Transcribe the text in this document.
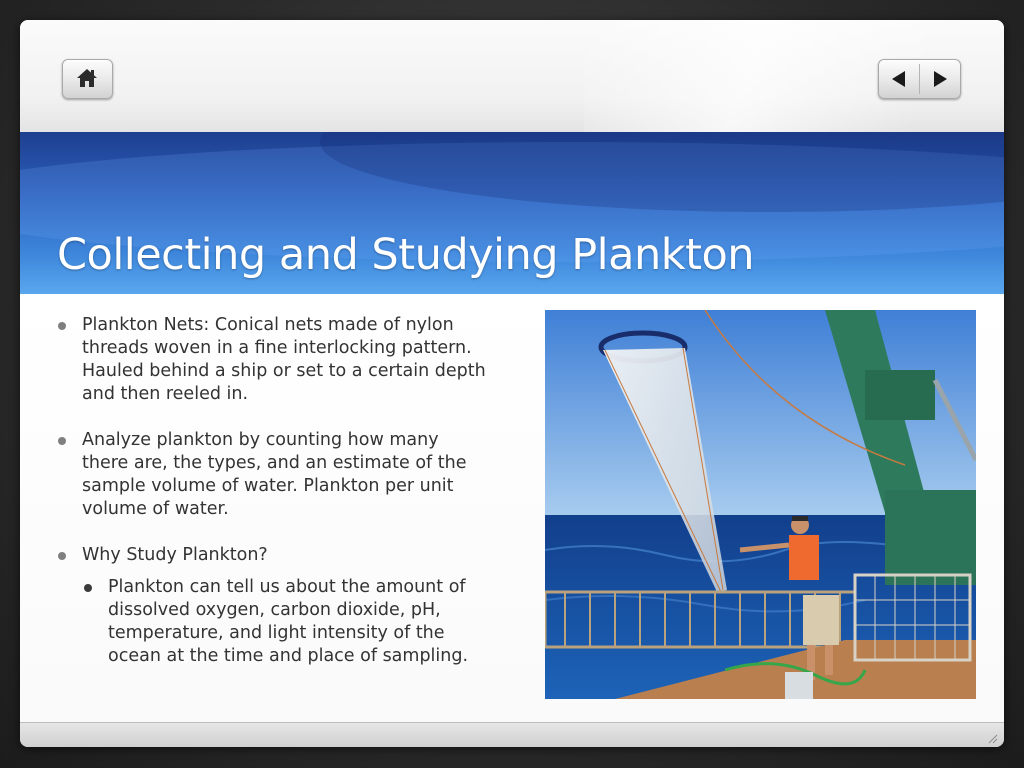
Collecting and Studying Plankton
Plankton Nets: Conical nets made of nylon threads woven in a fine interlocking pattern. Hauled behind a ship or set to a certain depth and then reeled in.
Analyze plankton by counting how many there are, the types, and an estimate of the sample volume of water. Plankton per unit volume of water.
Why Study Plankton?
Plankton can tell us about the amount of dissolved oxygen, carbon dioxide, pH, temperature, and light intensity of the ocean at the time and place of sampling.
